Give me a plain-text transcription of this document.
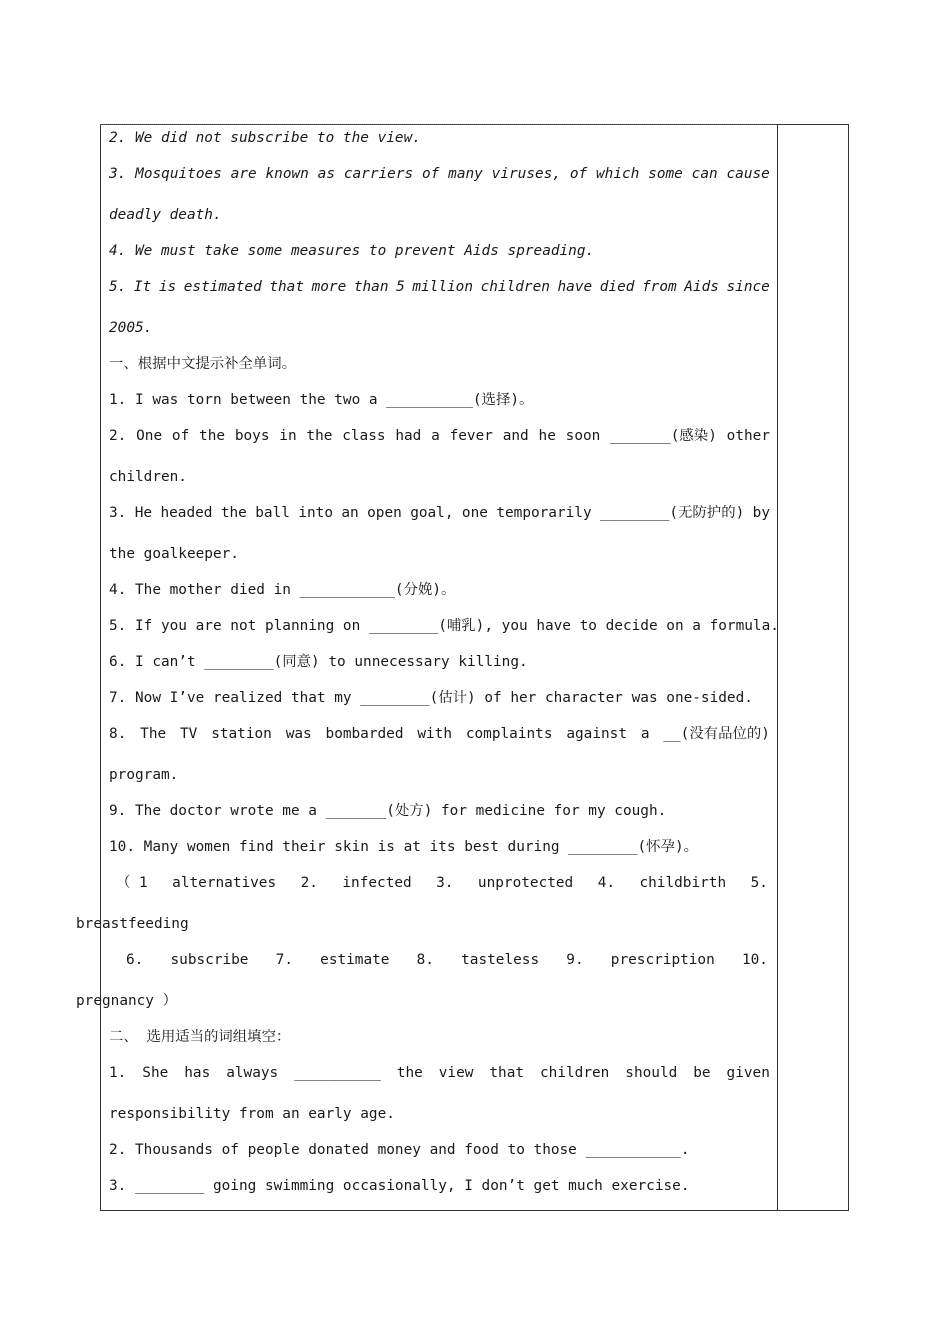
2. We did not subscribe to the view.
3. Mosquitoes are known as carriers of many viruses, of which some can cause
deadly death.
4. We must take some measures to prevent Aids spreading.
5. It is estimated that more than 5 million children have died from Aids since
2005.
一、根据中文提示补全单词。
1. I was torn between the two a __________(选择)。
2. One of the boys in the class had a fever and he soon _______(感染) other
children.
3. He headed the ball into an open goal, one temporarily ________(无防护的) by
the goalkeeper.
4. The mother died in ___________(分娩)。
5. If you are not planning on ________(哺乳), you have to decide on a formula.
6. I can’t ________(同意) to unnecessary killing.
7. Now I’ve realized that my ________(估计) of her character was one-sided.
8. The TV station was bombarded with complaints against a __(没有品位的)
program.
9. The doctor wrote me a _______(处方) for medicine for my cough.
10. Many women find their skin is at its best during ________(怀孕)。
（ 1 alternatives 2. infected 3. unprotected 4. childbirth 5.
breastfeeding
6. subscribe 7. estimate 8. tasteless 9. prescription 10.
pregnancy ）
二、 选用适当的词组填空：
1. She has always __________ the view that children should be given
responsibility from an early age.
2. Thousands of people donated money and food to those ___________.
3. ________ going swimming occasionally, I don’t get much exercise.
